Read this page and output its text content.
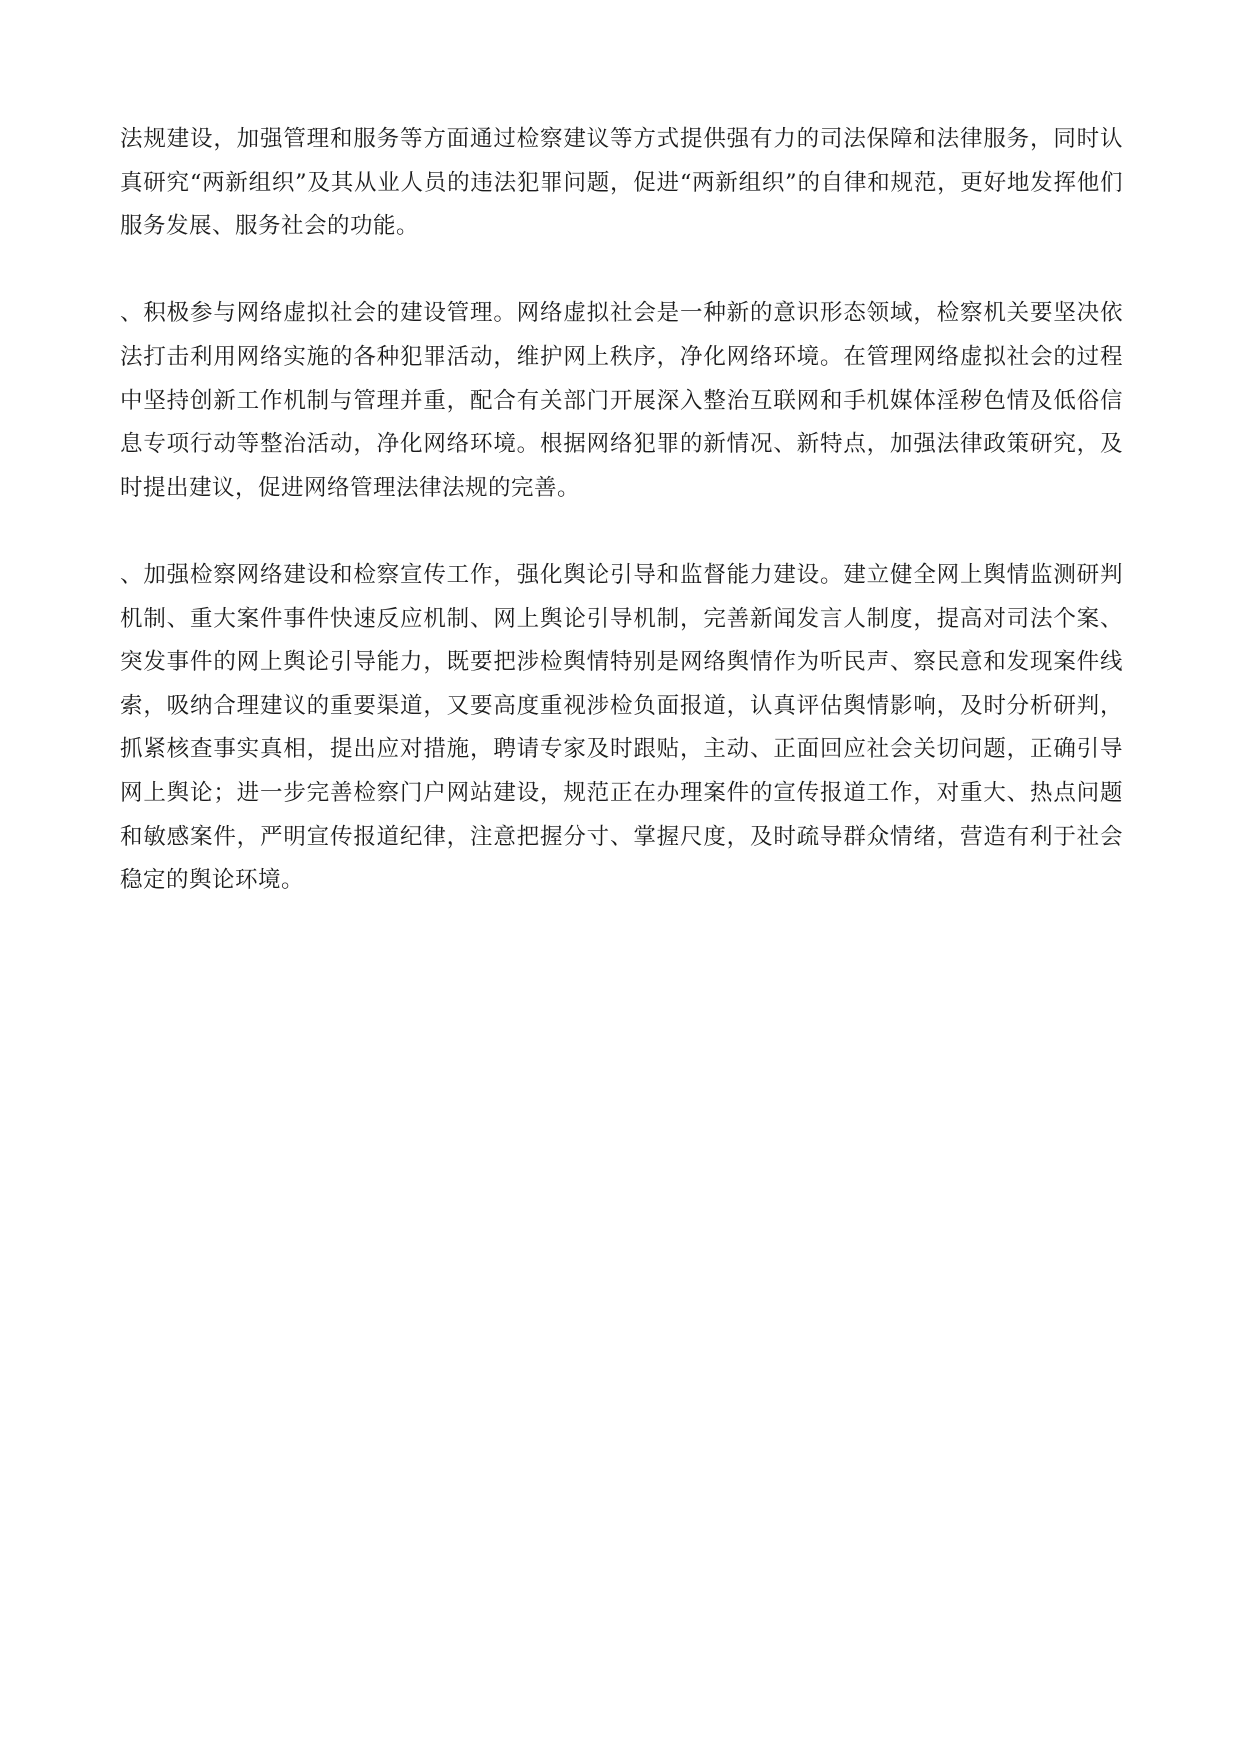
法规建设，加强管理和服务等方面通过检察建议等方式提供强有力的司法保障和法律服务，同时认真研究“两新组织”及其从业人员的违法犯罪问题，促进“两新组织”的自律和规范，更好地发挥他们服务发展、服务社会的功能。

、积极参与网络虚拟社会的建设管理。网络虚拟社会是一种新的意识形态领域，检察机关要坚决依法打击利用网络实施的各种犯罪活动，维护网上秩序，净化网络环境。在管理网络虚拟社会的过程中坚持创新工作机制与管理并重，配合有关部门开展深入整治互联网和手机媒体淫秽色情及低俗信息专项行动等整治活动，净化网络环境。根据网络犯罪的新情况、新特点，加强法律政策研究，及时提出建议，促进网络管理法律法规的完善。

、加强检察网络建设和检察宣传工作，强化舆论引导和监督能力建设。建立健全网上舆情监测研判机制、重大案件事件快速反应机制、网上舆论引导机制，完善新闻发言人制度，提高对司法个案、突发事件的网上舆论引导能力，既要把涉检舆情特别是网络舆情作为听民声、察民意和发现案件线索，吸纳合理建议的重要渠道，又要高度重视涉检负面报道，认真评估舆情影响，及时分析研判，抓紧核查事实真相，提出应对措施，聘请专家及时跟贴，主动、正面回应社会关切问题，正确引导网上舆论；进一步完善检察门户网站建设，规范正在办理案件的宣传报道工作，对重大、热点问题和敏感案件，严明宣传报道纪律，注意把握分寸、掌握尺度，及时疏导群众情绪，营造有利于社会稳定的舆论环境。
